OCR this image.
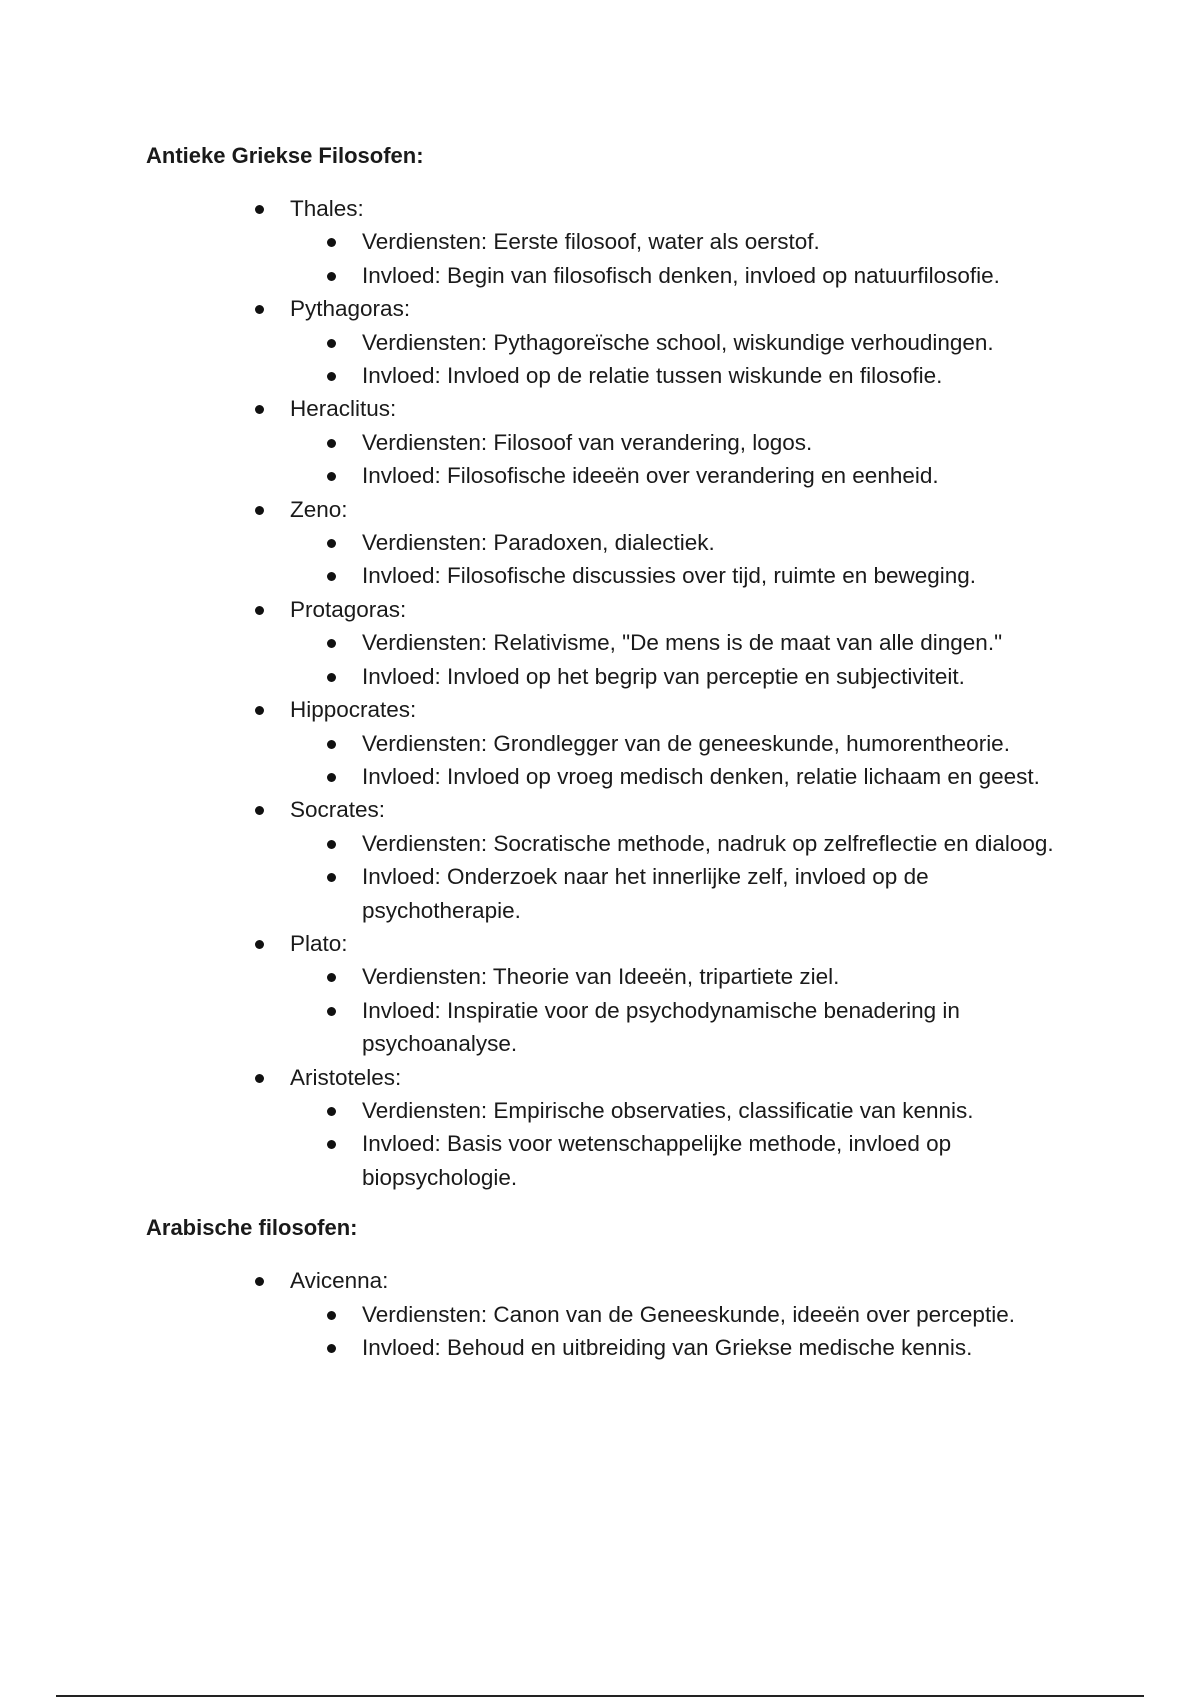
Antieke Griekse Filosofen:

Thales:
Verdiensten: Eerste filosoof, water als oerstof.
Invloed: Begin van filosofisch denken, invloed op natuurfilosofie.
Pythagoras:
Verdiensten: Pythagoreïsche school, wiskundige verhoudingen.
Invloed: Invloed op de relatie tussen wiskunde en filosofie.
Heraclitus:
Verdiensten: Filosoof van verandering, logos.
Invloed: Filosofische ideeën over verandering en eenheid.
Zeno:
Verdiensten: Paradoxen, dialectiek.
Invloed: Filosofische discussies over tijd, ruimte en beweging.
Protagoras:
Verdiensten: Relativisme, "De mens is de maat van alle dingen."
Invloed: Invloed op het begrip van perceptie en subjectiviteit.
Hippocrates:
Verdiensten: Grondlegger van de geneeskunde, humorentheorie.
Invloed: Invloed op vroeg medisch denken, relatie lichaam en geest.
Socrates:
Verdiensten: Socratische methode, nadruk op zelfreflectie en dialoog.
Invloed: Onderzoek naar het innerlijke zelf, invloed op de psychotherapie.
Plato:
Verdiensten: Theorie van Ideeën, tripartiete ziel.
Invloed: Inspiratie voor de psychodynamische benadering in psychoanalyse.
Aristoteles:
Verdiensten: Empirische observaties, classificatie van kennis.
Invloed: Basis voor wetenschappelijke methode, invloed op biopsychologie.

Arabische filosofen:

Avicenna:
Verdiensten: Canon van de Geneeskunde, ideeën over perceptie.
Invloed: Behoud en uitbreiding van Griekse medische kennis.
